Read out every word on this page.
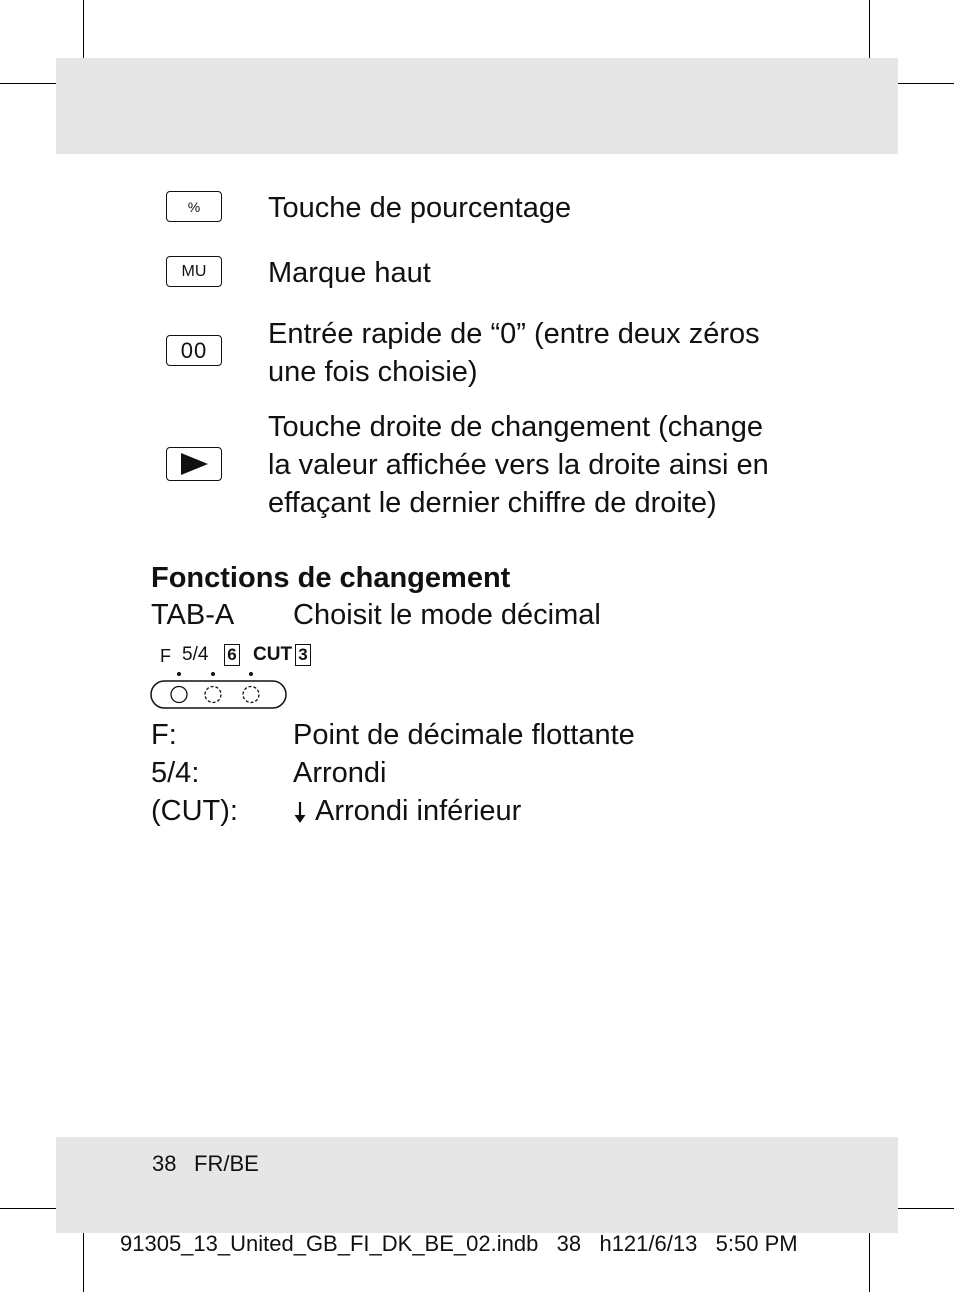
% Touche de pourcentage
MU Marque haut
00 Entrée rapide de “0” (entre deux zéros
une fois choisie)
Touche droite de changement (change
la valeur affichée vers la droite ainsi en
effaçant le dernier chiffre de droite)
Fonctions de changement
TAB-A Choisit le mode décimal
F 5/4 6 CUT 3
F:	Point de décimale flottante
5/4:	Arrondi
(CUT):	Arrondi inférieur
38 FR/BE
91305_13_United_GB_FI_DK_BE_02.indb   38   h121/6/13   5:50 PM
